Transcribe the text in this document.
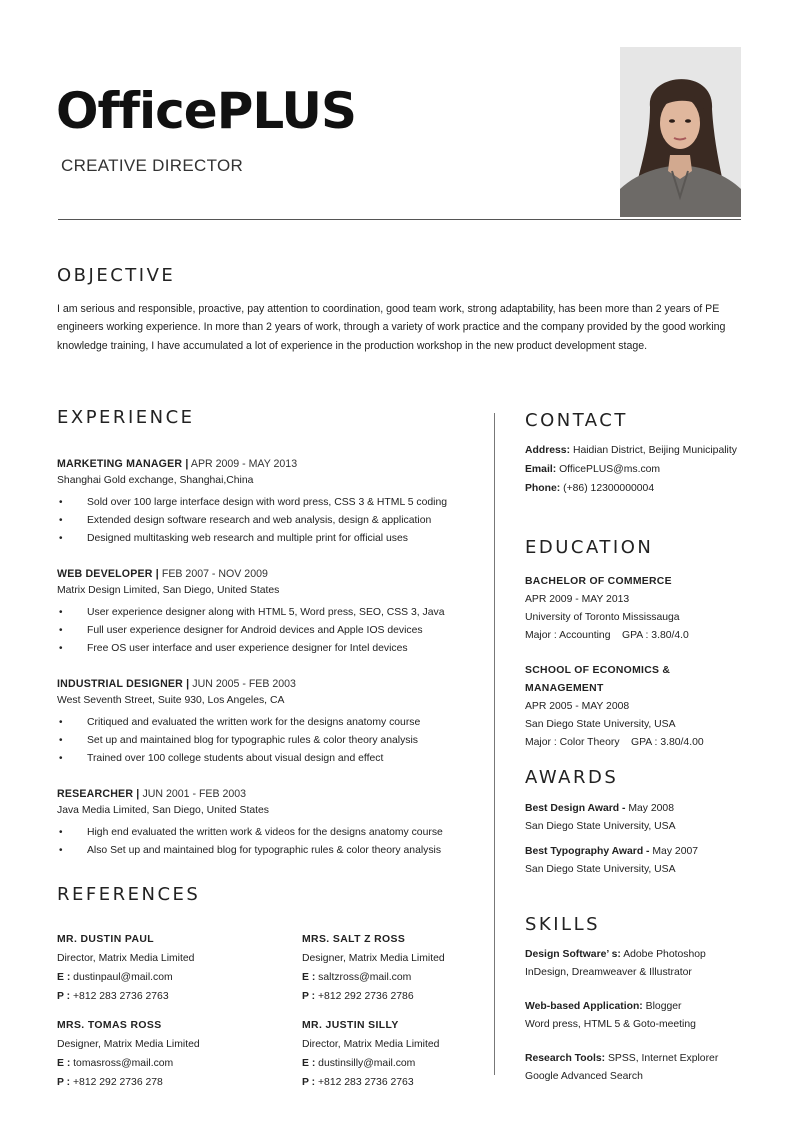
OfficePLUS
CREATIVE DIRECTOR
OBJECTIVE
I am serious and responsible, proactive, pay attention to coordination, good team work, strong adaptability, has been more than 2 years of PE engineers working experience. In more than 2 years of work, through a variety of work practice and the company provided by the good working knowledge training, I have accumulated a lot of experience in the production workshop in the new product development stage.
EXPERIENCE
MARKETING MANAGER | APR 2009 - MAY 2013
Shanghai Gold exchange, Shanghai,China
• Sold over 100 large interface design with word press, CSS 3 & HTML 5 coding
• Extended design software research and web analysis, design & application
• Designed multitasking web research and multiple print for official uses
WEB DEVELOPER | FEB 2007 - NOV 2009
Matrix Design Limited, San Diego, United States
• User experience designer along with HTML 5, Word press, SEO, CSS 3, Java
• Full user experience designer for Android devices and Apple IOS devices
• Free OS user interface and user experience designer for Intel devices
INDUSTRIAL DESIGNER | JUN 2005 - FEB 2003
West Seventh Street, Suite 930, Los Angeles, CA
• Critiqued and evaluated the written work for the designs anatomy course
• Set up and maintained blog for typographic rules & color theory analysis
• Trained over 100 college students about visual design and effect
RESEARCHER | JUN 2001 - FEB 2003
Java Media Limited, San Diego, United States
• High end evaluated the written work & videos for the designs anatomy course
• Also Set up and maintained blog for typographic rules & color theory analysis
REFERENCES
MR. DUSTIN PAUL
Director, Matrix Media Limited
E : dustinpaul@mail.com
P : +812 283 2736 2763
MRS. SALT Z ROSS
Designer, Matrix Media Limited
E : saltzross@mail.com
P : +812 292 2736 2786
MRS. TOMAS ROSS
Designer, Matrix Media Limited
E : tomasross@mail.com
P : +812 292 2736 278
MR. JUSTIN SILLY
Director, Matrix Media Limited
E : dustinsilly@mail.com
P : +812 283 2736 2763
CONTACT
Address: Haidian District, Beijing Municipality
Email: OfficePLUS@ms.com
Phone: (+86) 12300000004
EDUCATION
BACHELOR OF COMMERCE
APR 2009 - MAY 2013
University of Toronto Mississauga
Major : Accounting    GPA : 3.80/4.0
SCHOOL OF ECONOMICS &
MANAGEMENT
APR 2005 - MAY 2008
San Diego State University, USA
Major : Color Theory    GPA : 3.80/4.00
AWARDS
Best Design Award - May 2008
San Diego State University, USA
Best Typography Award - May 2007
San Diego State University, USA
SKILLS
Design Software’ s: Adobe Photoshop
InDesign, Dreamweaver & Illustrator
Web-based Application: Blogger
Word press, HTML 5 & Goto-meeting
Research Tools: SPSS, Internet Explorer
Google Advanced Search
